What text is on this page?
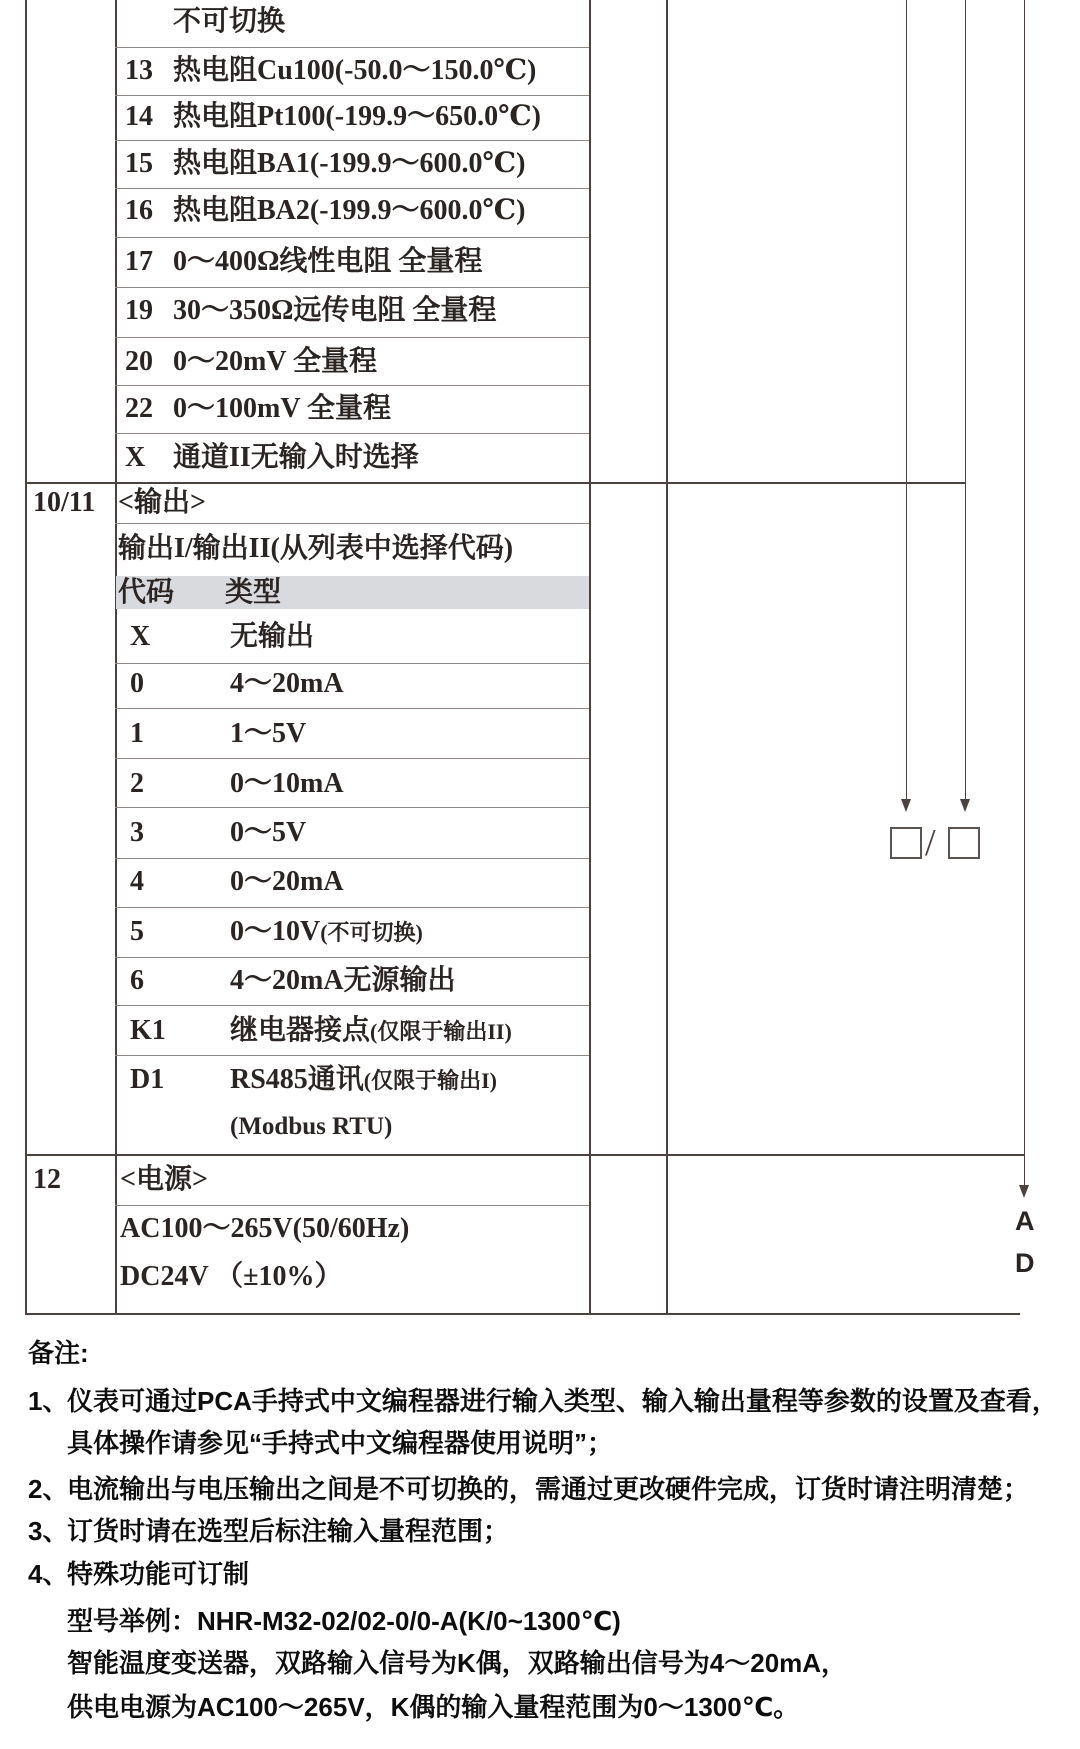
不可切换
13 热电阻Cu100(-50.0～150.0℃)
14 热电阻Pt100(-199.9～650.0℃)
15 热电阻BA1(-199.9～600.0℃)
16 热电阻BA2(-199.9～600.0℃)
17 0～400Ω线性电阻 全量程
19 30～350Ω远传电阻 全量程
20 0～20mV 全量程
22 0～100mV 全量程
X 通道II无输入时选择
10/11 <输出>
输出I/输出II(从列表中选择代码)
代码 类型
X	无输出
0	4～20mA
1	1～5V
2	0～10mA
3	0～5V
4	0～20mA
5	0～10V(不可切换)
6	4～20mA无源输出
K1 继电器接点(仅限于输出II)
D1 RS485通讯(仅限于输出I)
(Modbus RTU)
12 <电源>
AC100～265V(50/60Hz)
DC24V （±10%）
/
A
D
备注:
1、仪表可通过PCA手持式中文编程器进行输入类型、输入输出量程等参数的设置及查看，
具体操作请参见“手持式中文编程器使用说明”；
2、电流输出与电压输出之间是不可切换的，需通过更改硬件完成，订货时请注明清楚；
3、订货时请在选型后标注输入量程范围；
4、特殊功能可订制
型号举例：NHR-M32-02/02-0/0-A(K/0~1300℃)
智能温度变送器，双路输入信号为K偶，双路输出信号为4～20mA，
供电电源为AC100～265V，K偶的输入量程范围为0～1300℃。
